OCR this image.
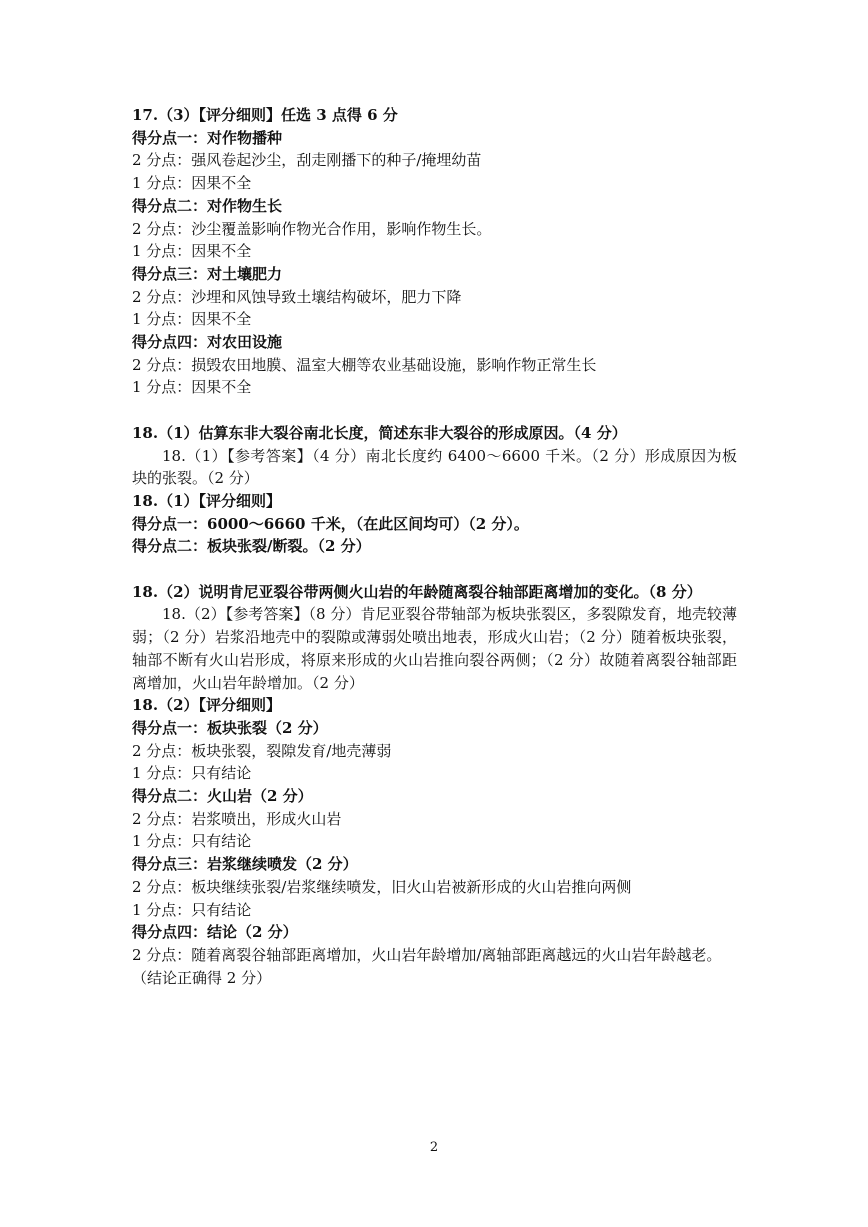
17.（3）【评分细则】任选 3 点得 6 分
得分点一：对作物播种
2 分点：强风卷起沙尘，刮走刚播下的种子/掩埋幼苗
1 分点：因果不全
得分点二：对作物生长
2 分点：沙尘覆盖影响作物光合作用，影响作物生长。
1 分点：因果不全
得分点三：对土壤肥力
2 分点：沙埋和风蚀导致土壤结构破坏，肥力下降
1 分点：因果不全
得分点四：对农田设施
2 分点：损毁农田地膜、温室大棚等农业基础设施，影响作物正常生长
1 分点：因果不全
18.（1）估算东非大裂谷南北长度，简述东非大裂谷的形成原因。（4 分）
18.（1）【参考答案】（4 分）南北长度约 6400～6600 千米。（2 分）形成原因为板块的张裂。（2 分）
18.（1）【评分细则】
得分点一：6000～6660 千米，（在此区间均可）（2 分）。
得分点二：板块张裂/断裂。（2 分）
18.（2）说明肯尼亚裂谷带两侧火山岩的年龄随离裂谷轴部距离增加的变化。（8 分）
18.（2）【参考答案】（8 分）肯尼亚裂谷带轴部为板块张裂区，多裂隙发育，地壳较薄弱；（2 分）岩浆沿地壳中的裂隙或薄弱处喷出地表，形成火山岩；（2 分）随着板块张裂，轴部不断有火山岩形成，将原来形成的火山岩推向裂谷两侧；（2 分）故随着离裂谷轴部距离增加，火山岩年龄增加。（2 分）
18.（2）【评分细则】
得分点一：板块张裂（2 分）
2 分点：板块张裂，裂隙发育/地壳薄弱
1 分点：只有结论
得分点二：火山岩（2 分）
2 分点：岩浆喷出，形成火山岩
1 分点：只有结论
得分点三：岩浆继续喷发（2 分）
2 分点：板块继续张裂/岩浆继续喷发，旧火山岩被新形成的火山岩推向两侧
1 分点：只有结论
得分点四：结论（2 分）
2 分点：随着离裂谷轴部距离增加，火山岩年龄增加/离轴部距离越远的火山岩年龄越老。（结论正确得 2 分）
2
